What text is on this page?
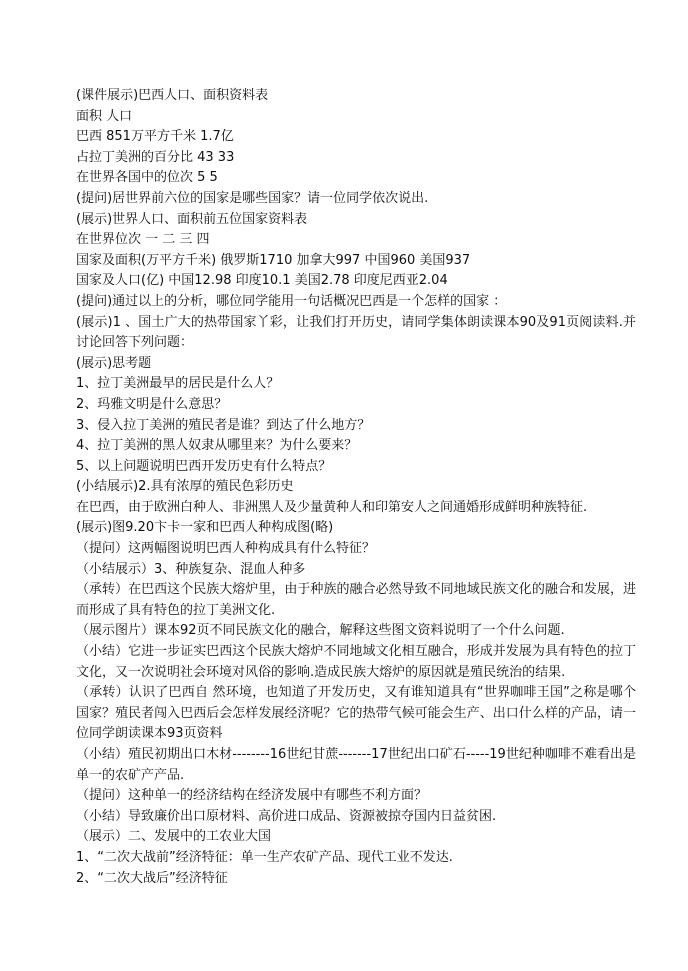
(课件展示)巴西人口、面积资料表
面积 人口
巴西 851万平方千米 1.7亿
占拉丁美洲的百分比 43 33
在世界各国中的位次 5 5
(提问)居世界前六位的国家是哪些国家？请一位同学依次说出.
(展示)世界人口、面积前五位国家资料表
在世界位次 一 二 三 四
国家及面积(万平方千米) 俄罗斯1710 加拿大997 中国960 美国937
国家及人口(亿) 中国12.98 印度10.1 美国2.78 印度尼西亚2.04
(提问)通过以上的分析，哪位同学能用一句话概况巴西是一个怎样的国家 ：
(展示)1 、国土广大的热带国家丫彩，让我们打开历史，请同学集体朗读课本90及91页阅读料.并讨论回答下列问题：
(展示)思考题
1、拉丁美洲最早的居民是什么人？
2、玛雅文明是什么意思？
3、侵入拉丁美洲的殖民者是谁？到达了什么地方？
4、拉丁美洲的黑人奴隶从哪里来？为什么要来？
5、以上问题说明巴西开发历史有什么特点？
(小结展示)2.具有浓厚的殖民色彩历史
在巴西，由于欧洲白种人、非洲黑人及少量黄种人和印第安人之间通婚形成鲜明种族特征.
(展示)图9.20卞卡一家和巴西人种构成图(略)
（提问）这两幅图说明巴西人种构成具有什么特征？
（小结展示）3、种族复杂、混血人种多
（承转）在巴西这个民族大熔炉里，由于种族的融合必然导致不同地域民族文化的融合和发展，进而形成了具有特色的拉丁美洲文化.
（展示图片）课本92页不同民族文化的融合，解释这些图文资料说明了一个什么问题.
（小结）它进一步证实巴西这个民族大熔炉不同地域文化相互融合，形成并发展为具有特色的拉丁文化，又一次说明社会环境对风俗的影响.造成民族大熔炉的原因就是殖民统治的结果.
（承转）认识了巴西自 然环境，也知道了开发历史，又有谁知道具有“世界咖啡王国”之称是哪个国家？殖民者闯入巴西后会怎样发展经济呢？它的热带气候可能会生产、出口什么样的产品，请一位同学朗读课本93页资料
（小结）殖民初期出口木材--------16世纪甘蔗-------17世纪出口矿石-----19世纪种咖啡不难看出是单一的农矿产产品.
（提问）这种单一的经济结构在经济发展中有哪些不利方面？
（小结）导致廉价出口原材料、高价进口成品、资源被掠夺国内日益贫困.
（展示）二、发展中的工农业大国
1、“二次大战前”经济特征：单一生产农矿产品、现代工业不发达.
2、“二次大战后”经济特征
